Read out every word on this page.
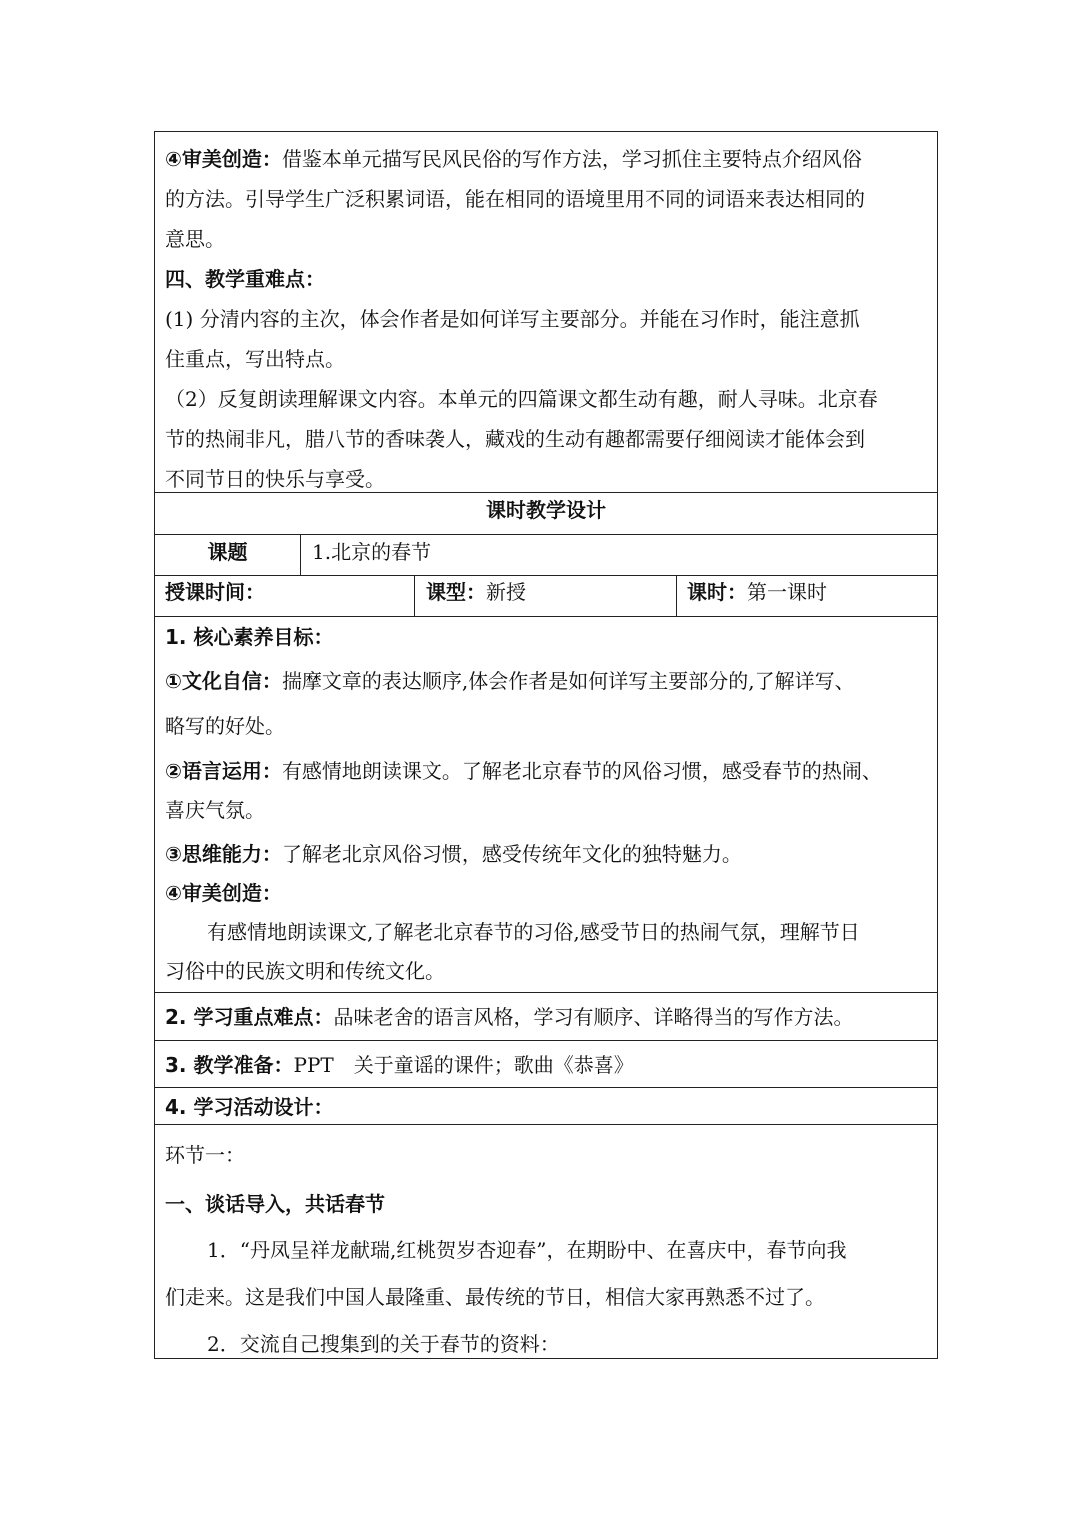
④审美创造：借鉴本单元描写民风民俗的写作方法，学习抓住主要特点介绍风俗
的方法。引导学生广泛积累词语，能在相同的语境里用不同的词语来表达相同的
意思。
四、教学重难点：
(1) 分清内容的主次，体会作者是如何详写主要部分。并能在习作时，能注意抓
住重点，写出特点。
（2）反复朗读理解课文内容。本单元的四篇课文都生动有趣，耐人寻味。北京春
节的热闹非凡，腊八节的香味袭人，藏戏的生动有趣都需要仔细阅读才能体会到
不同节日的快乐与享受。
课时教学设计
课题	1.北京的春节
授课时间：	课型：新授	课时：第一课时
1. 核心素养目标：
①文化自信：揣摩文章的表达顺序,体会作者是如何详写主要部分的,了解详写、
略写的好处。
②语言运用：有感情地朗读课文。了解老北京春节的风俗习惯，感受春节的热闹、
喜庆气氛。
③思维能力：了解老北京风俗习惯，感受传统年文化的独特魅力。
④审美创造：
有感情地朗读课文,了解老北京春节的习俗,感受节日的热闹气氛，理解节日
习俗中的民族文明和传统文化。
2. 学习重点难点：品味老舍的语言风格，学习有顺序、详略得当的写作方法。
3. 教学准备：PPT　关于童谣的课件；歌曲《恭喜》
4. 学习活动设计：
环节一：
一、谈话导入，共话春节
1．“丹凤呈祥龙献瑞,红桃贺岁杏迎春”，在期盼中、在喜庆中，春节向我
们走来。这是我们中国人最隆重、最传统的节日，相信大家再熟悉不过了。
2．交流自己搜集到的关于春节的资料：
